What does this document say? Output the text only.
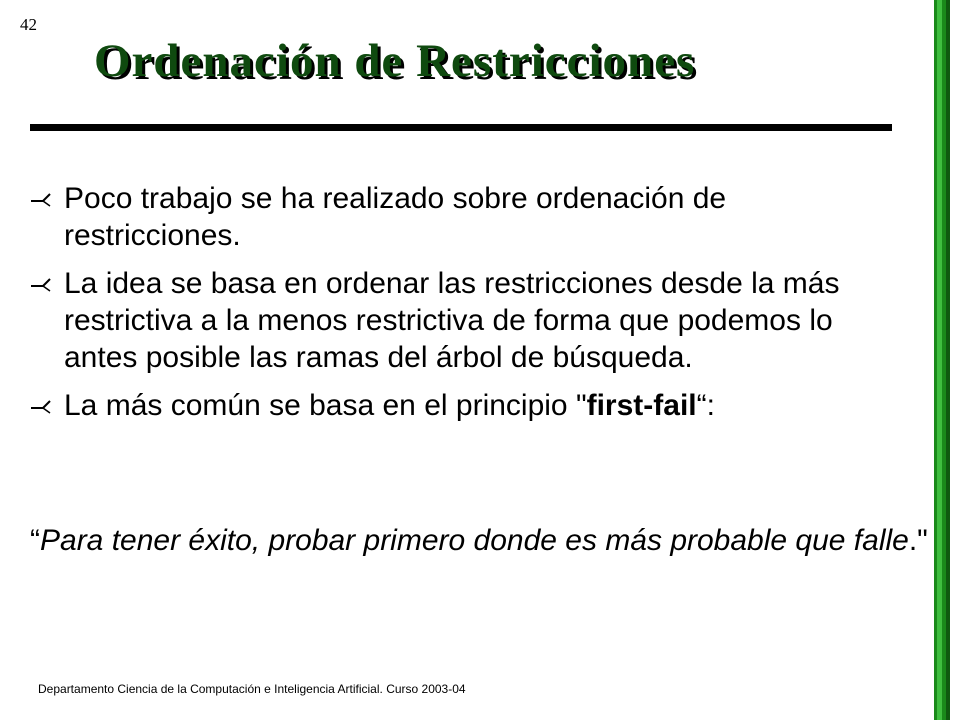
42
Ordenación de Restricciones
Poco trabajo se ha realizado sobre ordenación de restricciones.
La idea se basa en ordenar las restricciones desde la más restrictiva a la menos restrictiva de forma que podemos lo antes posible las ramas del árbol de búsqueda.
La más común se basa en el principio "first-fail“:

“Para tener éxito, probar primero donde es más probable que falle."

Departamento Ciencia de la Computación e Inteligencia Artificial. Curso 2003-04
